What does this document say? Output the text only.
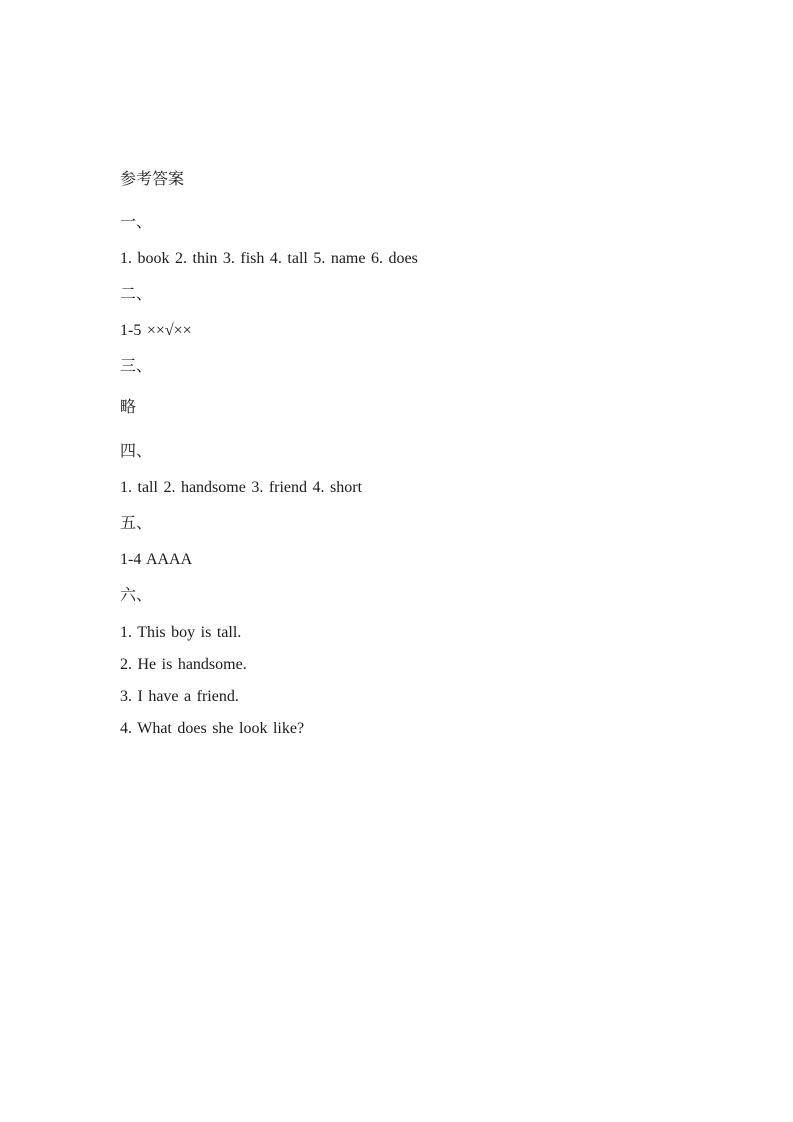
参考答案

一、

1. book 2. thin 3. fish 4. tall 5. name 6. does

二、

1-5 ××√××

三、

略

四、

1. tall 2. handsome 3. friend 4. short

五、

1-4 AAAA

六、

1. This boy is tall.

2. He is handsome.

3. I have a friend.

4. What does she look like?
